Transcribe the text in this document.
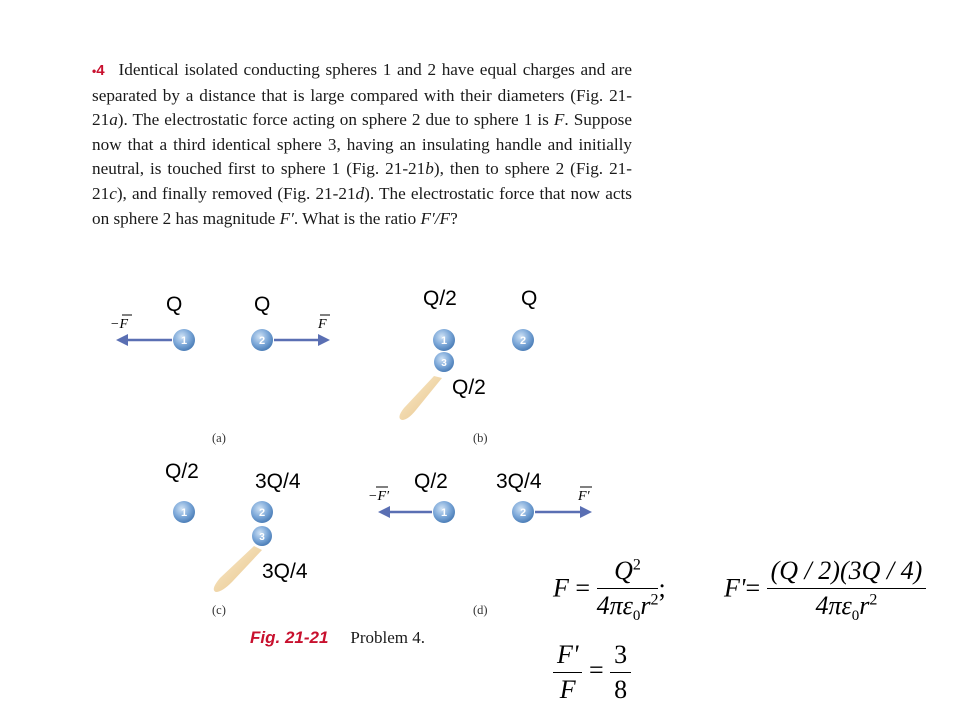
•4 Identical isolated conducting spheres 1 and 2 have equal charges and are separated by a distance that is large compared with their diameters (Fig. 21-21a). The electrostatic force acting on sphere 2 due to sphere 1 is F. Suppose now that a third identical sphere 3, having an insulating handle and initially neutral, is touched first to sphere 1 (Fig. 21-21b), then to sphere 2 (Fig. 21-21c), and finally removed (Fig. 21-21d). The electrostatic force that now acts on sphere 2 has magnitude F′. What is the ratio F′/F?
1	2
−F	F
1
3
2
1	2
3
1	2
−F′	F′
(a)	(b)
(c)	(d)
Q	Q	Q/2	Q
Q/2
Q/2	3Q/4
3Q/4
Q/2 3Q/4
Fig. 21-21 Problem 4.
$F = \frac{Q^2}{4\pi\varepsilon_0r^2}$ ; $F'= \frac{(Q / 2)(3Q / 4)}{4\pi\varepsilon_0r^2}$
$\frac{F'}{F} = \frac{3}{8}$
